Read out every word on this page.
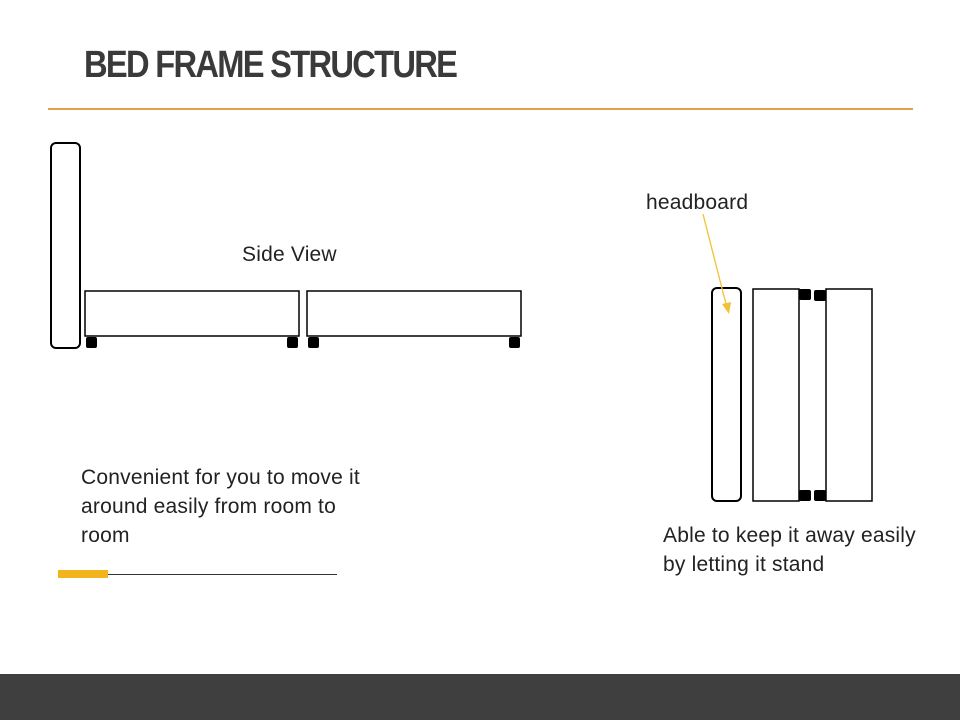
BED FRAME STRUCTURE
Side View
headboard
Convenient for you to move it around easily from room to room	Able to keep it away easily by letting it stand
